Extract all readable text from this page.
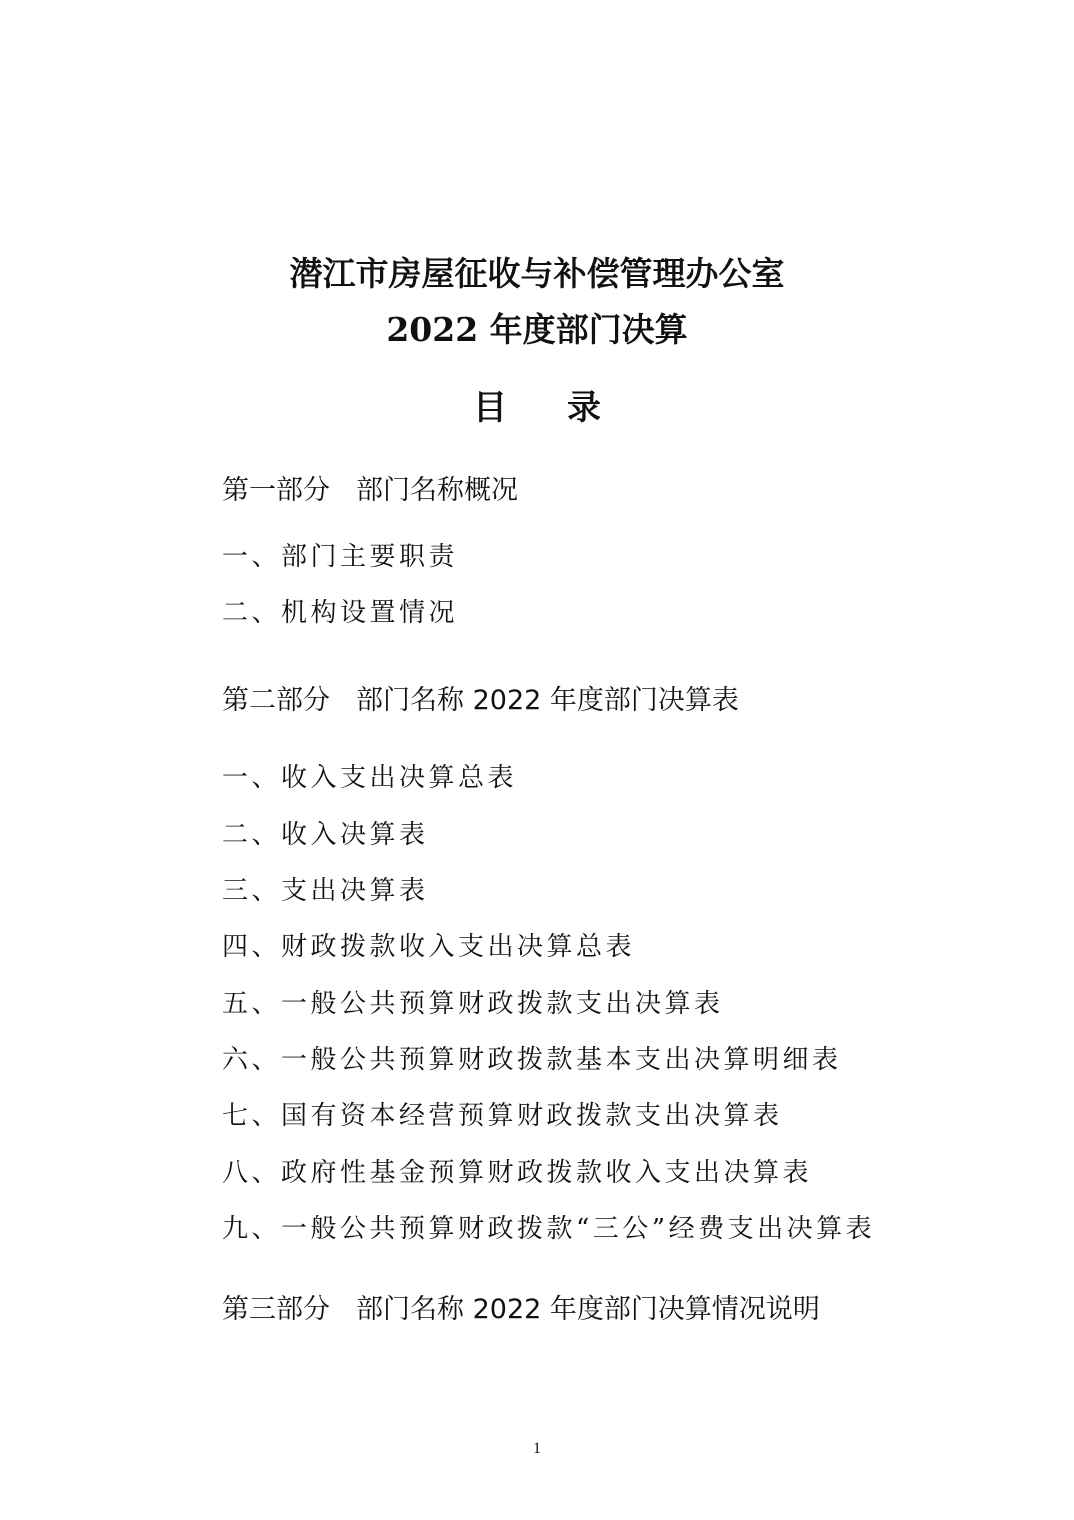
潜江市房屋征收与补偿管理办公室
2022 年度部门决算
目录
第一部分 部门名称概况
一、部门主要职责
二、机构设置情况
第二部分 部门名称 2022 年度部门决算表
一、收入支出决算总表
二、收入决算表
三、支出决算表
四、财政拨款收入支出决算总表
五、一般公共预算财政拨款支出决算表
六、一般公共预算财政拨款基本支出决算明细表
七、国有资本经营预算财政拨款支出决算表
八、政府性基金预算财政拨款收入支出决算表
九、一般公共预算财政拨款“三公”经费支出决算表
第三部分 部门名称 2022 年度部门决算情况说明
1
